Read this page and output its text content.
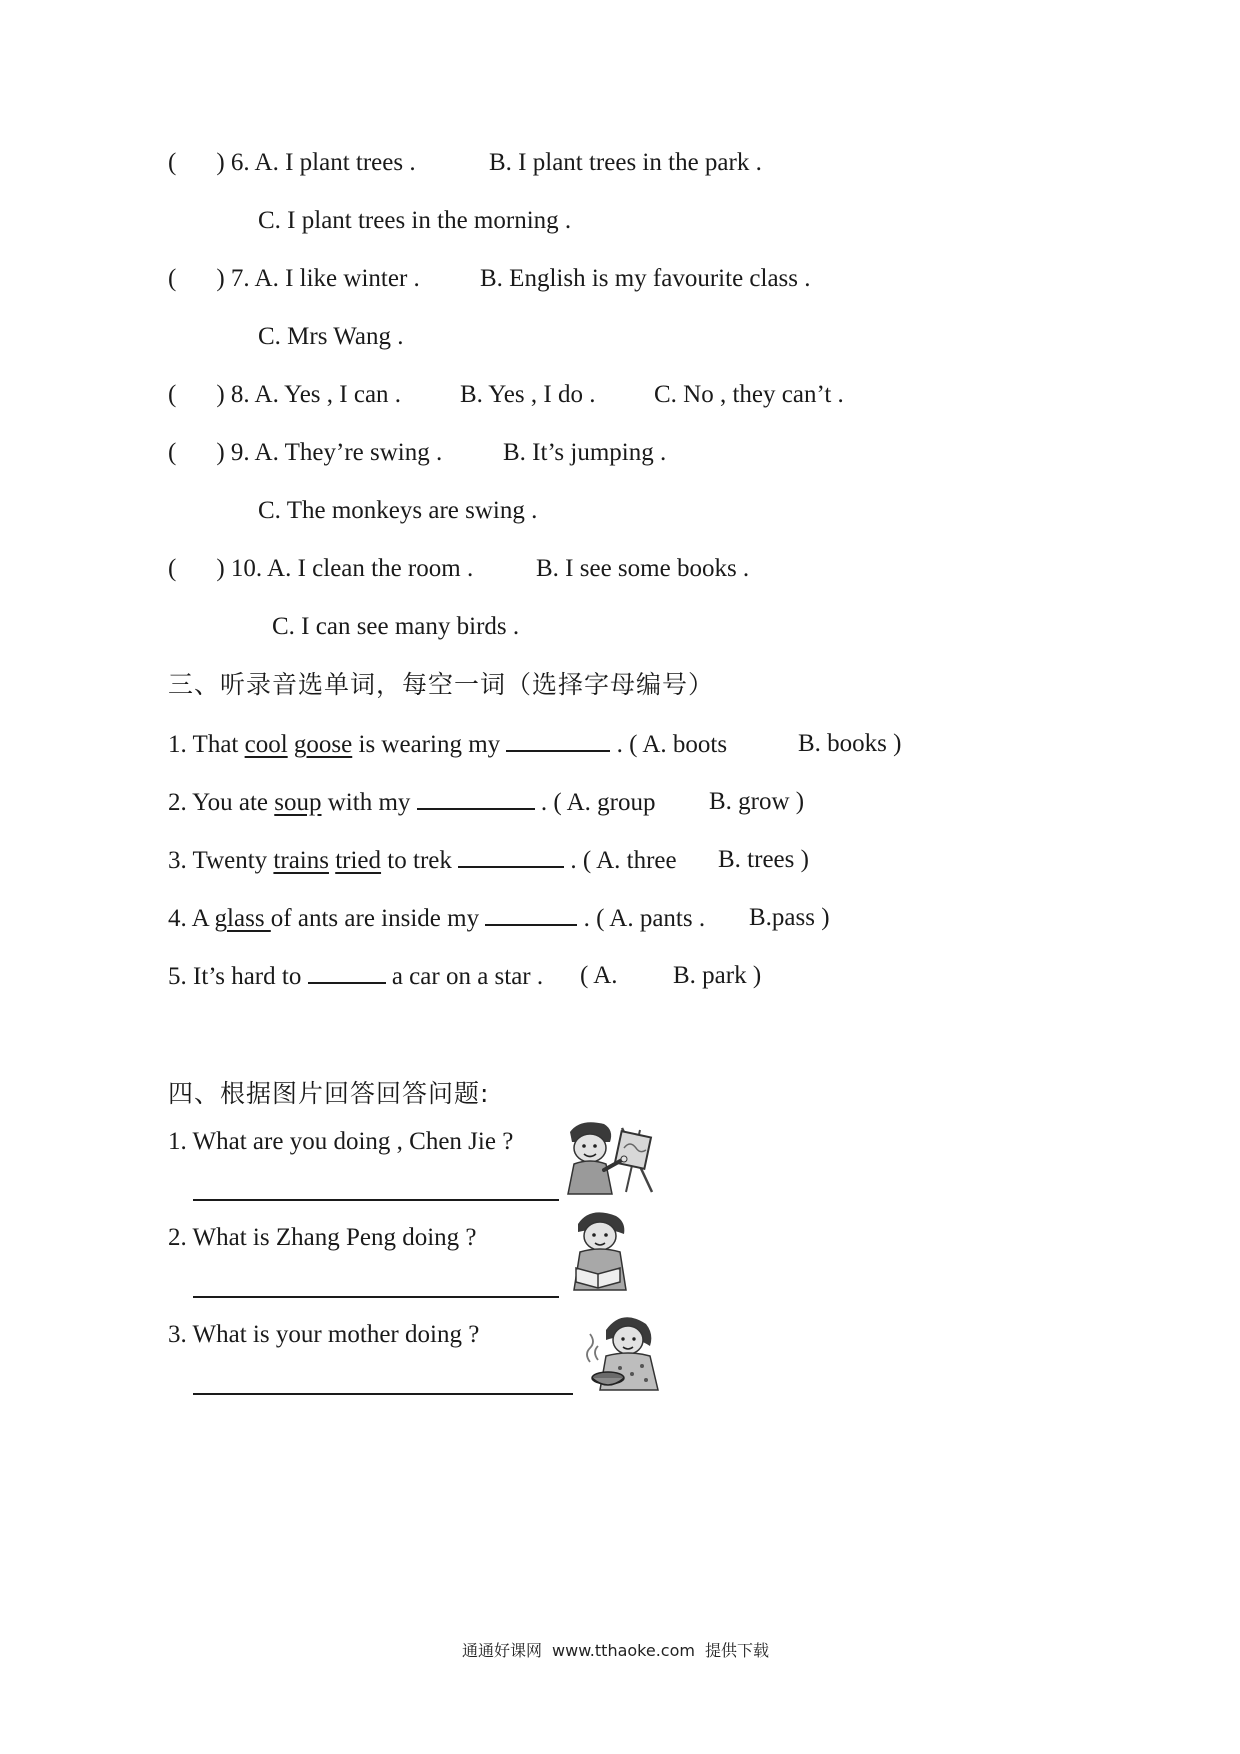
( ) 6. A. I plant trees .	B. I plant trees in the park .
C. I plant trees in the morning .
( ) 7. A. I like winter . B. English is my favourite class .
C. Mrs Wang .
( ) 8. A. Yes , I can . B. Yes , I do . C. No , they can’t .
( ) 9. A. They’re swing . B. It’s jumping .
C. The monkeys are swing .
( ) 10. A. I clean the room .	B. I see some books .
C. I can see many birds .
三、听录音选单词，每空一词（选择字母编号）
1. That cool goose is wearing my	. ( A. boots	B. books )
2. You ate soup with my	. ( A. group B. grow )
3. Twenty trains tried to trek	. ( A. three B. trees )
4. A glass of ants are inside my	. ( A. pants . B.pass )
5. It’s hard to	a car on a star . ( A. B. park )
四、根据图片回答回答问题:
1. What are you doing , Chen Jie ?
2. What is Zhang Peng doing ?
3. What is your mother doing ?
通通好课网 www.tthaoke.com 提供下载
